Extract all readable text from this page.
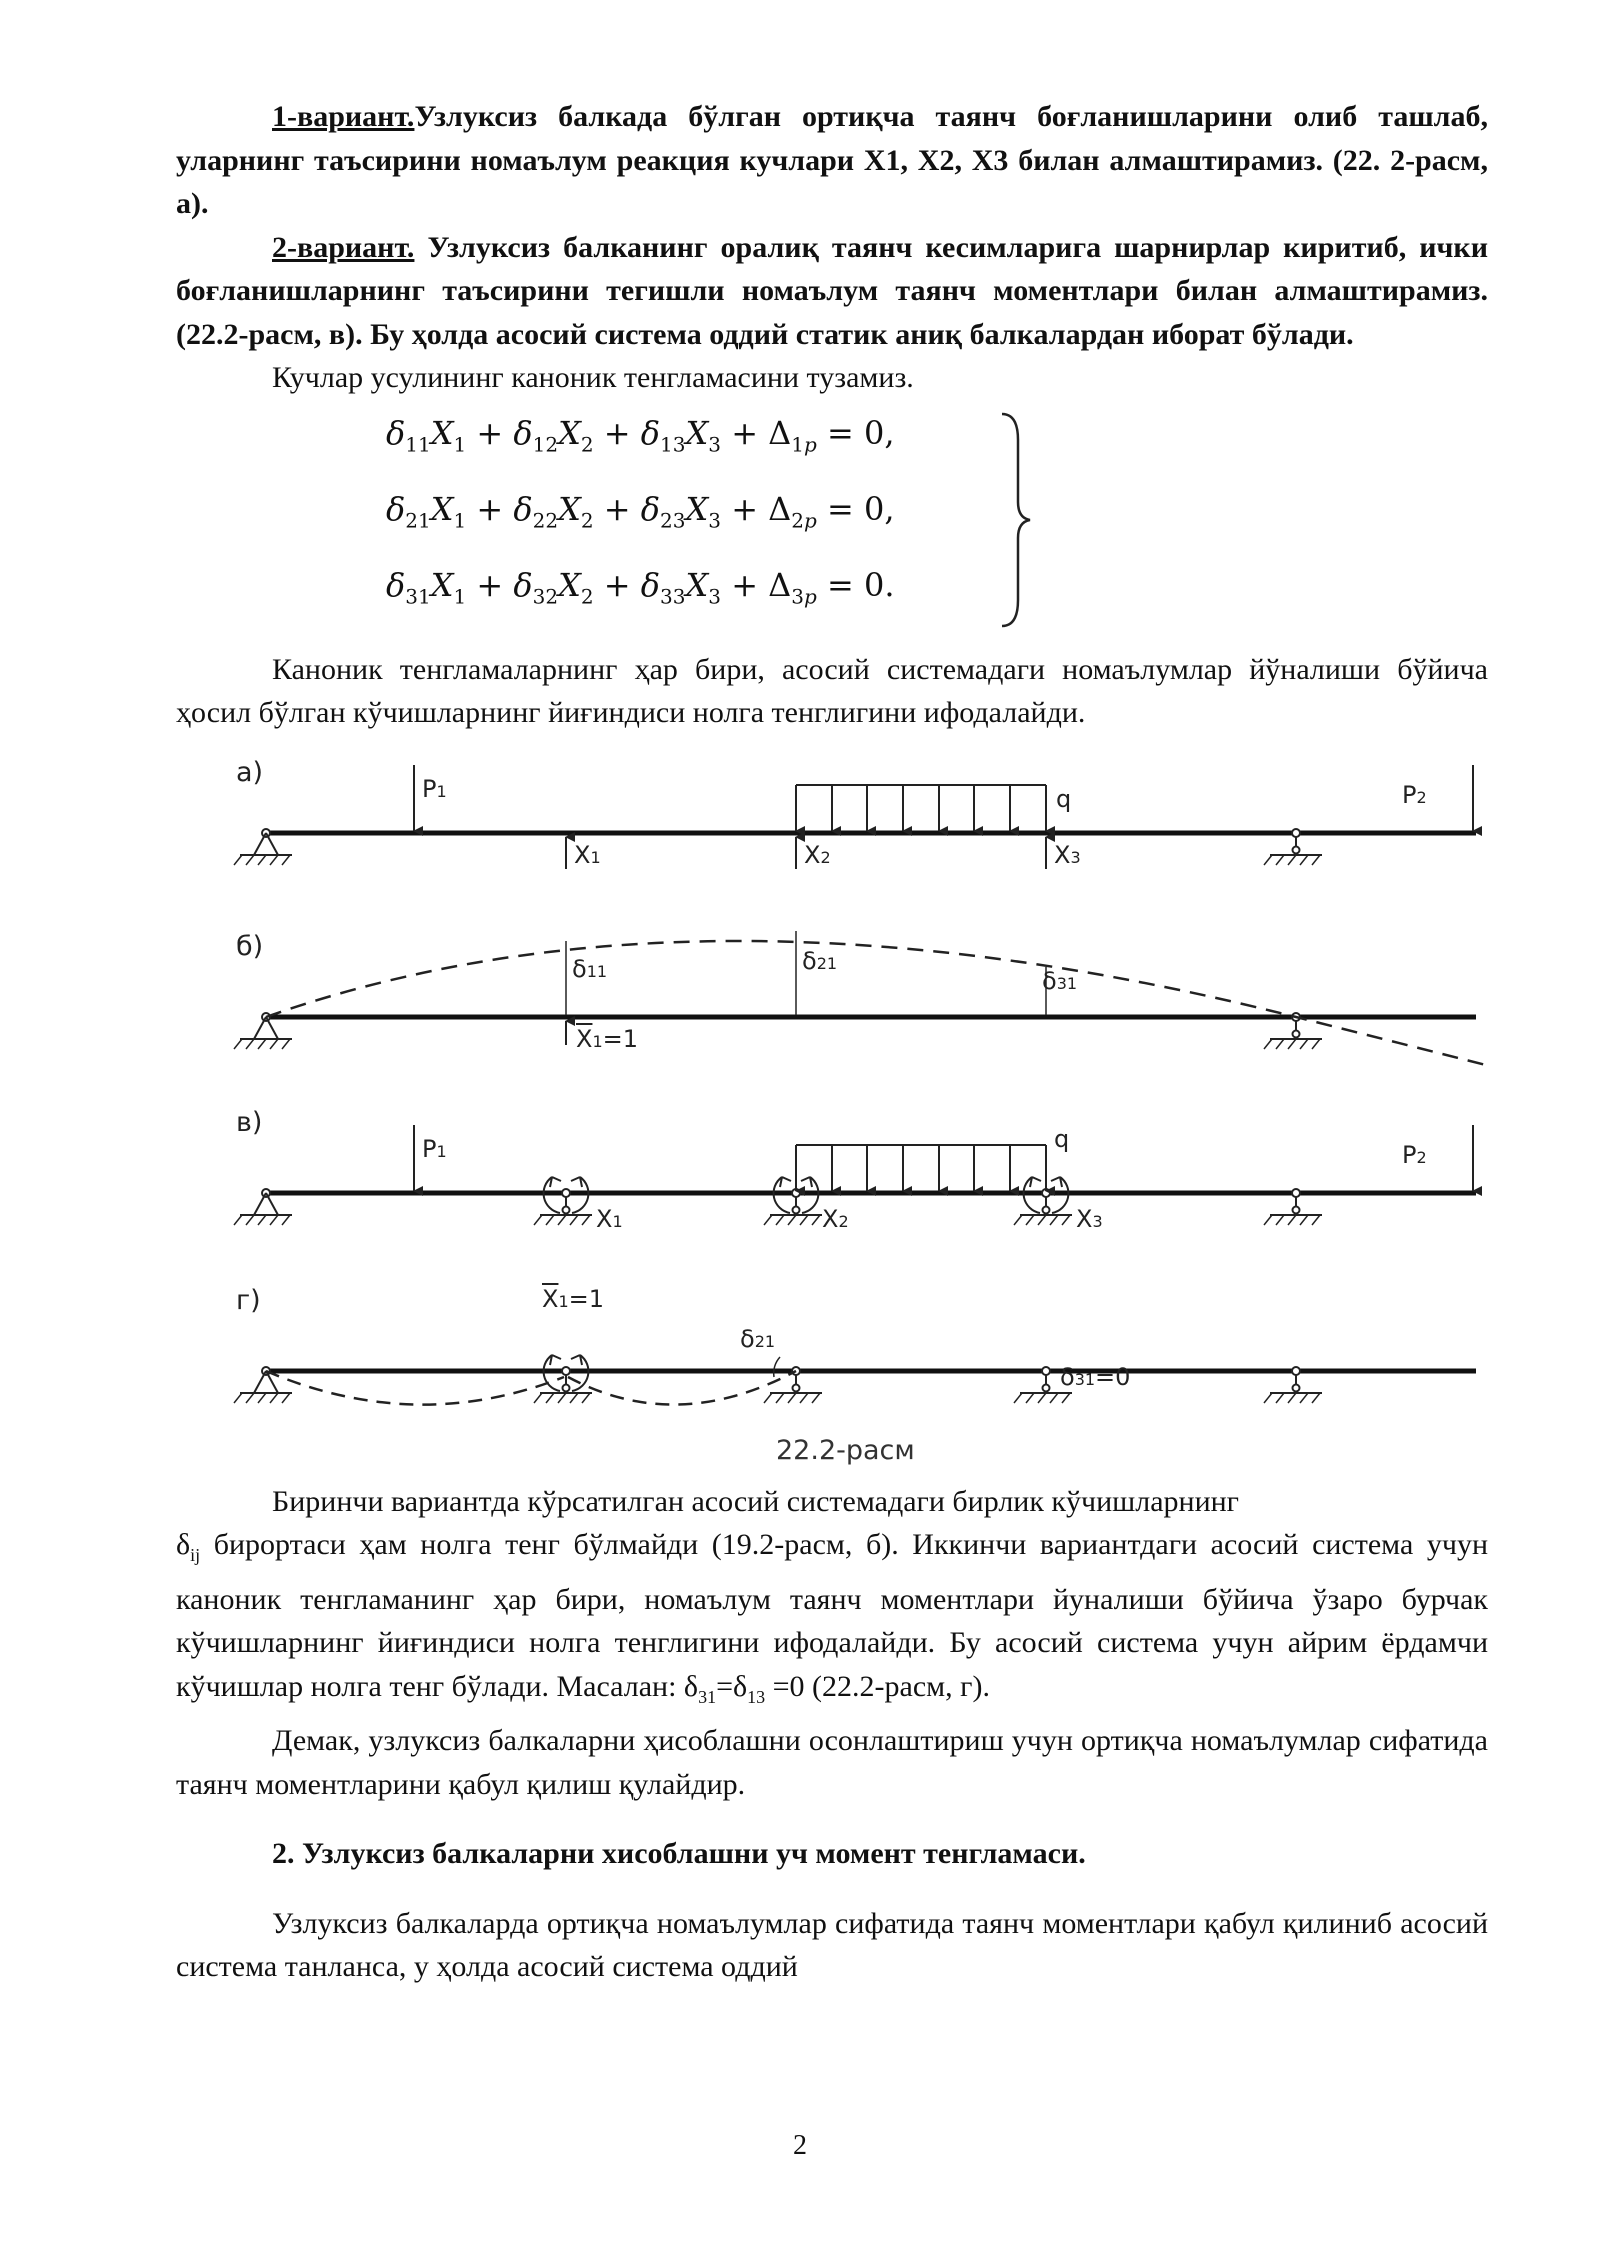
1-вариант.Узлуксиз балкада бўлган ортиқча таянч боғланишларини олиб ташлаб, уларнинг таъсирини номаълум реакция кучлари X1, X2, X3 билан алмаштирамиз. (22. 2-расм, а).

2-вариант. Узлуксиз балканинг оралиқ таянч кесимларига шарнирлар киритиб, ички боғланишларнинг таъсирини тегишли номаълум таянч моментлари билан алмаштирамиз. (22.2-расм, в). Бу ҳолда асосий система оддий статик аниқ балкалардан иборат бўлади.

Кучлар усулининг каноник тенгламасини тузамиз.

$\delta_{11}X_1 + \delta_{12}X_2 + \delta_{13}X_3 + \Delta_{1p} = 0$,
$\delta_{21}X_1 + \delta_{22}X_2 + \delta_{23}X_3 + \Delta_{2p} = 0$,
$\delta_{31}X_1 + \delta_{32}X_2 + \delta_{33}X_3 + \Delta_{3p} = 0$.

Каноник тенгламаларнинг ҳар бири, асосий системадаги номаълумлар йўналиши бўйича ҳосил бўлган кўчишларнинг йиғиндиси нолга тенглигини ифодалайди.

а)
б)
в)
г)
P1	P2
q
X1	X2	X3
δ11	δ21
δ31
$\overline{X}1=1$
P1	P2
q
X1	X2	X3
$\overline{X}1=1$
δ21
δ31=0
22.2-расм

Биринчи вариантда кўрсатилган асосий системадаги бирлик кўчишларнинг
$\delta_{ij}$ бирортаси ҳам нолга тенг бўлмайди (19.2-расм, б). Иккинчи вариантдаги асосий система учун каноник тенгламанинг ҳар бири, номаълум таянч моментлари йуналиши бўйича ўзаро бурчак кўчишларнинг йиғиндиси нолга тенглигини ифодалайди. Бу асосий система учун айрим ёрдамчи кўчишлар нолга тенг бўлади. Масалан: $\delta_{31}=\delta_{13} =0$ (22.2-расм, г).

Демак, узлуксиз балкаларни ҳисоблашни осонлаштириш учун ортиқча номаълумлар сифатида таянч моментларини қабул қилиш қулайдир.

2. Узлуксиз балкаларни хисоблашни уч момент тенгламаси.

Узлуксиз балкаларда ортиқча номаълумлар сифатида таянч моментлари қабул қилиниб асосий система танланса, у ҳолда асосий система оддий

2
